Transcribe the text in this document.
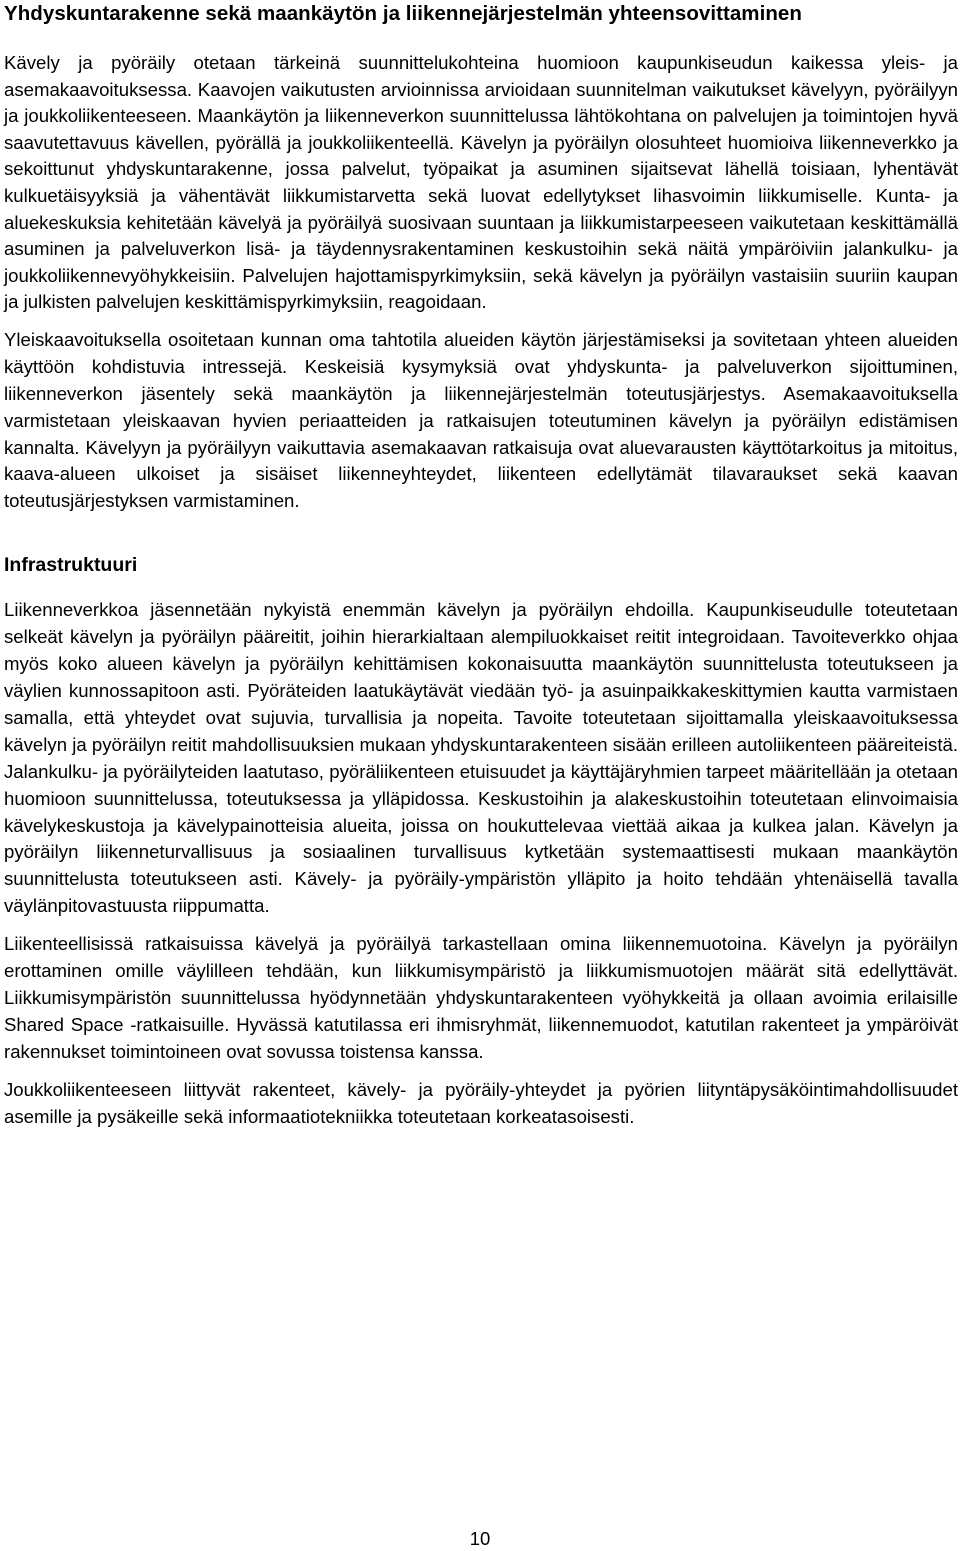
Yhdyskuntarakenne sekä maankäytön ja liikennejärjestelmän yhteensovittaminen

Kävely ja pyöräily otetaan tärkeinä suunnittelukohteina huomioon kaupunkiseudun kaikessa yleis- ja asemakaavoituksessa. Kaavojen vaikutusten arvioinnissa arvioidaan suunnitelman vaikutukset kävelyyn, pyöräilyyn ja joukkoliikenteeseen. Maankäytön ja liikenneverkon suunnittelussa lähtökohtana on palvelujen ja toimintojen hyvä saavutettavuus kävellen, pyörällä ja joukkoliikenteellä. Kävelyn ja pyöräilyn olosuhteet huomioiva liikenneverkko ja sekoittunut yhdyskuntarakenne, jossa palvelut, työpaikat ja asuminen sijaitsevat lähellä toisiaan, lyhentävät kulkuetäisyyksiä ja vähentävät liikkumistarvetta sekä luovat edellytykset lihasvoimin liikkumiselle. Kunta- ja aluekeskuksia kehitetään kävelyä ja pyöräilyä suosivaan suuntaan ja liikkumistarpeeseen vaikutetaan keskittämällä asuminen ja palveluverkon lisä- ja täydennysrakentaminen keskustoihin sekä näitä ympäröiviin jalankulku- ja joukkoliikennevyöhykkeisiin. Palvelujen hajottamispyrkimyksiin, sekä kävelyn ja pyöräilyn vastaisiin suuriin kaupan ja julkisten palvelujen keskittämispyrkimyksiin, reagoidaan.

Yleiskaavoituksella osoitetaan kunnan oma tahtotila alueiden käytön järjestämiseksi ja sovitetaan yhteen alueiden käyttöön kohdistuvia intressejä. Keskeisiä kysymyksiä ovat yhdyskunta- ja palveluverkon sijoittuminen, liikenneverkon jäsentely sekä maankäytön ja liikennejärjestelmän toteutusjärjestys. Asemakaavoituksella varmistetaan yleiskaavan hyvien periaatteiden ja ratkaisujen toteutuminen kävelyn ja pyöräilyn edistämisen kannalta. Kävelyyn ja pyöräilyyn vaikuttavia asemakaavan ratkaisuja ovat aluevarausten käyttötarkoitus ja mitoitus, kaava-alueen ulkoiset ja sisäiset liikenneyhteydet, liikenteen edellytämät tilavaraukset sekä kaavan toteutusjärjestyksen varmistaminen.

Infrastruktuuri

Liikenneverkkoa jäsennetään nykyistä enemmän kävelyn ja pyöräilyn ehdoilla. Kaupunkiseudulle toteutetaan selkeät kävelyn ja pyöräilyn pääreitit, joihin hierarkialtaan alempiluokkaiset reitit integroidaan. Tavoiteverkko ohjaa myös koko alueen kävelyn ja pyöräilyn kehittämisen kokonaisuutta maankäytön suunnittelusta toteutukseen ja väylien kunnossapitoon asti. Pyöräteiden laatukäytävät viedään työ- ja asuinpaikkakeskittymien kautta varmistaen samalla, että yhteydet ovat sujuvia, turvallisia ja nopeita. Tavoite toteutetaan sijoittamalla yleiskaavoituksessa kävelyn ja pyöräilyn reitit mahdollisuuksien mukaan yhdyskuntarakenteen sisään erilleen autoliikenteen pääreiteistä. Jalankulku- ja pyöräilyteiden laatutaso, pyöräliikenteen etuisuudet ja käyttäjäryhmien tarpeet määritellään ja otetaan huomioon suunnittelussa, toteutuksessa ja ylläpidossa. Keskustoihin ja alakeskustoihin toteutetaan elinvoimaisia kävelykeskustoja ja kävelypainotteisia alueita, joissa on houkuttelevaa viettää aikaa ja kulkea jalan. Kävelyn ja pyöräilyn liikenneturvallisuus ja sosiaalinen turvallisuus kytketään systemaattisesti mukaan maankäytön suunnittelusta toteutukseen asti. Kävely- ja pyöräily-ympäristön ylläpito ja hoito tehdään yhtenäisellä tavalla väylänpitovastuusta riippumatta.

Liikenteellisissä ratkaisuissa kävelyä ja pyöräilyä tarkastellaan omina liikennemuotoina. Kävelyn ja pyöräilyn erottaminen omille väylilleen tehdään, kun liikkumisympäristö ja liikkumismuotojen määrät sitä edellyttävät. Liikkumisympäristön suunnittelussa hyödynnetään yhdyskuntarakenteen vyöhykkeitä ja ollaan avoimia erilaisille Shared Space -ratkaisuille. Hyvässä katutilassa eri ihmisryhmät, liikennemuodot, katutilan rakenteet ja ympäröivät rakennukset toimintoineen ovat sovussa toistensa kanssa.

Joukkoliikenteeseen liittyvät rakenteet, kävely- ja pyöräily-yhteydet ja pyörien liityntäpysäköintimahdollisuudet asemille ja pysäkeille sekä informaatiotekniikka toteutetaan korkeatasoisesti.

10
